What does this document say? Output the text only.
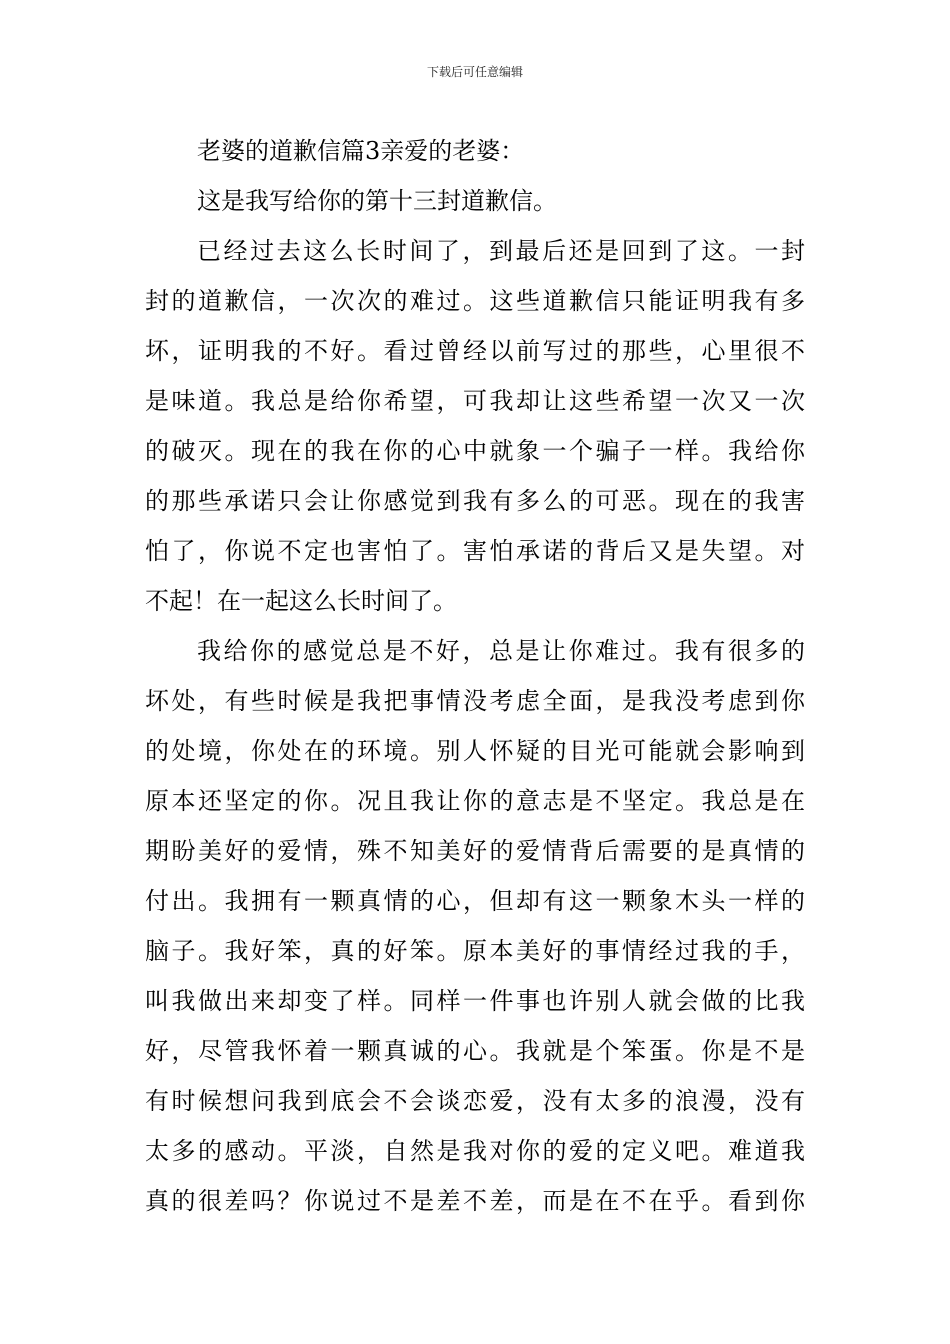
下载后可任意编辑
老婆的道歉信篇3亲爱的老婆：
这是我写给你的第十三封道歉信。
已经过去这么长时间了，到最后还是回到了这。一封
封的道歉信，一次次的难过。这些道歉信只能证明我有多
坏，证明我的不好。看过曾经以前写过的那些，心里很不
是味道。我总是给你希望，可我却让这些希望一次又一次
的破灭。现在的我在你的心中就象一个骗子一样。我给你
的那些承诺只会让你感觉到我有多么的可恶。现在的我害
怕了，你说不定也害怕了。害怕承诺的背后又是失望。对
不起！在一起这么长时间了。
我给你的感觉总是不好，总是让你难过。我有很多的
坏处，有些时候是我把事情没考虑全面，是我没考虑到你
的处境，你处在的环境。别人怀疑的目光可能就会影响到
原本还坚定的你。况且我让你的意志是不坚定。我总是在
期盼美好的爱情，殊不知美好的爱情背后需要的是真情的
付出。我拥有一颗真情的心，但却有这一颗象木头一样的
脑子。我好笨，真的好笨。原本美好的事情经过我的手，
叫我做出来却变了样。同样一件事也许别人就会做的比我
好，尽管我怀着一颗真诚的心。我就是个笨蛋。你是不是
有时候想问我到底会不会谈恋爱，没有太多的浪漫，没有
太多的感动。平淡，自然是我对你的爱的定义吧。难道我
真的很差吗？你说过不是差不差，而是在不在乎。看到你
